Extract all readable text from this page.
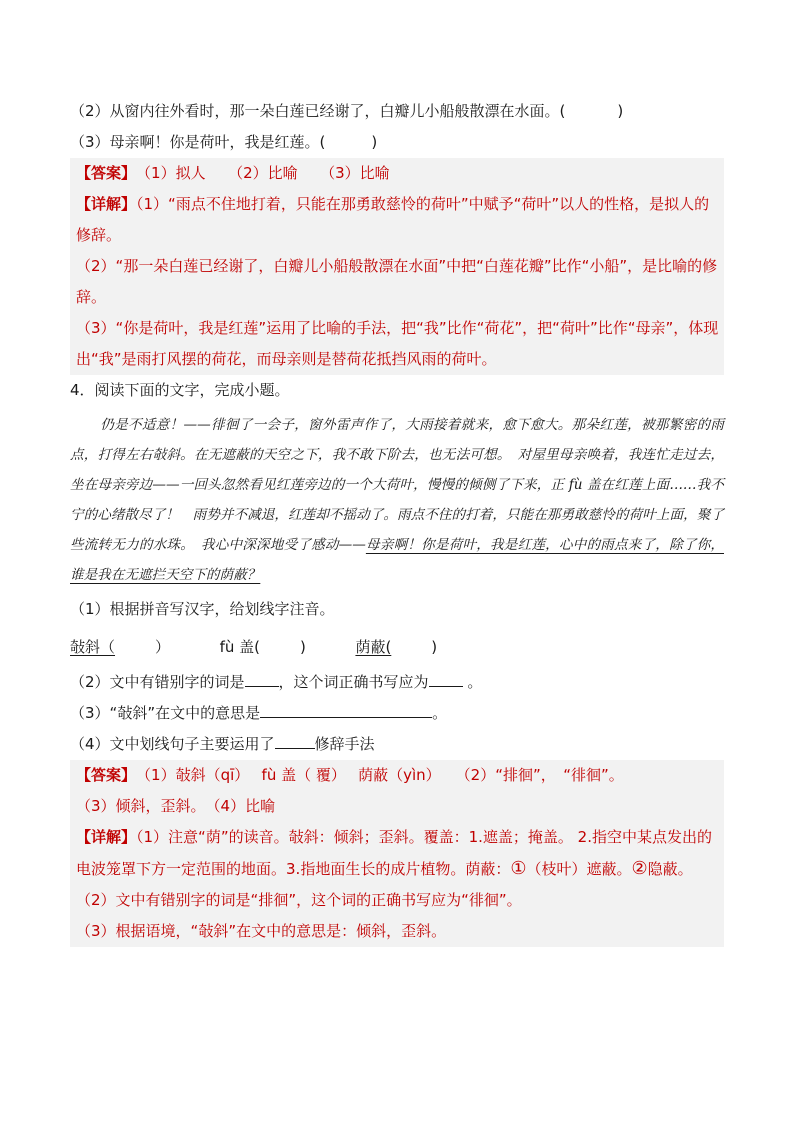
（2）从窗内往外看时，那一朵白莲已经谢了，白瓣儿小船般散漂在水面。(	)
（3）母亲啊！你是荷叶，我是红莲。(	)
【答案】　 （1）拟人　　（2）比喻　　（3）比喻
【详解】（1）“雨点不住地打着，只能在那勇敢慈怜的荷叶”中赋予“荷叶”以人的性格，是拟人的修辞。
（2）“那一朵白莲已经谢了，白瓣儿小船般散漂在水面”中把“白莲花瓣”比作“小船”，是比喻的修辞。
（3）“你是荷叶，我是红莲”运用了比喻的手法，把“我”比作“荷花”，把“荷叶”比作“母亲”，体现出“我”是雨打风摆的荷花，而母亲则是替荷花抵挡风雨的荷叶。
4．阅读下面的文字，完成小题。
仍是不适意！——徘徊了一会子，窗外雷声作了，大雨接着就来，愈下愈大。那朵红莲，被那繁密的雨点，打得左右敧斜。在无遮蔽的天空之下，我不敢下阶去，也无法可想。　对屋里母亲唤着，我连忙走过去，坐在母亲旁边——一回头忽然看见红莲旁边的一个大荷叶，慢慢的倾侧了下来，正 fù 盖在红莲上面……我不宁的心绪散尽了！　雨势并不减退，红莲却不摇动了。雨点不住的打着，只能在那勇敢慈怜的荷叶上面，聚了些流转无力的水珠。　我心中深深地受了感动——母亲啊！你是荷叶，我是红莲，心中的雨点来了，除了你，谁是我在无遮拦天空下的荫蔽？
（1）根据拼音写汉字，给划线字注音。
敧斜（	）	fù 盖(	)	荫蔽(	)
（2）文中有错别字的词是 ，这个词正确书写应为	。
（3）“敧斜”在文中的意思是	。
（4）文中划线句子主要运用了	修辞手法
【答案】　 （1）敧斜（qī）　 fù 盖（ 覆）　 荫蔽（yìn）　　（2）“排徊”，　“徘徊”。
（3）倾斜，歪斜。　（4）比喻
【详解】（1）注意“荫”的读音。敧斜：倾斜；歪斜。覆盖：1.遮盖；掩盖。 2.指空中某点发出的电波笼罩下方一定范围的地面。3.指地面生长的成片植物。荫蔽：①（枝叶）遮蔽。②隐蔽。
（2）文中有错别字的词是“排徊”，这个词的正确书写应为“徘徊”。
（3）根据语境，“敧斜”在文中的意思是：倾斜，歪斜。
